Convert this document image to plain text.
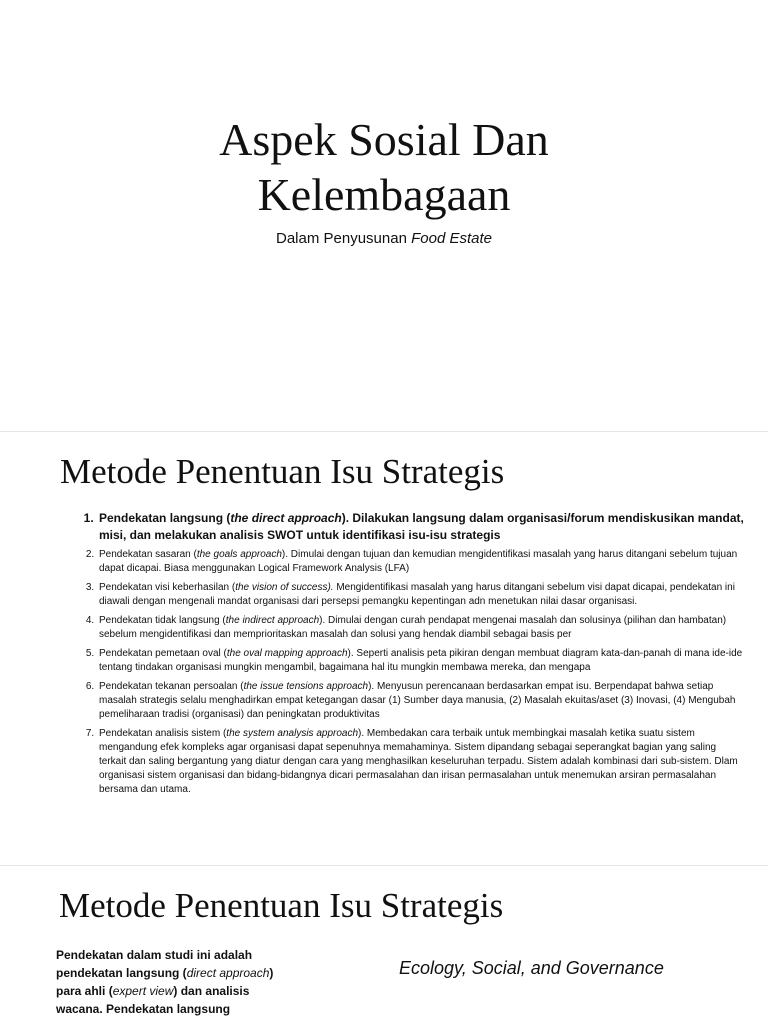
Aspek Sosial Dan
Kelembagaan

Dalam Penyusunan Food Estate

Metode Penentuan Isu Strategis
1. Pendekatan langsung (the direct approach). Dilakukan langsung dalam organisasi/forum mendiskusikan mandat, misi, dan melakukan analisis SWOT untuk identifikasi isu-isu strategis
2. Pendekatan sasaran (the goals approach). Dimulai dengan tujuan dan kemudian mengidentifikasi masalah yang harus ditangani sebelum tujuan dapat dicapai. Biasa menggunakan Logical Framework Analysis (LFA)
3. Pendekatan visi keberhasilan (the vision of success). Mengidentifikasi masalah yang harus ditangani sebelum visi dapat dicapai, pendekatan ini diawali dengan mengenali mandat organisasi dari persepsi pemangku kepentingan adn menetukan nilai dasar organisasi.
4. Pendekatan tidak langsung (the indirect approach). Dimulai dengan curah pendapat mengenai masalah dan solusinya (pilihan dan hambatan) sebelum mengidentifikasi dan memprioritaskan masalah dan solusi yang hendak diambil sebagai basis per
5. Pendekatan pemetaan oval (the oval mapping approach). Seperti analisis peta pikiran dengan membuat diagram kata-dan-panah di mana ide-ide tentang tindakan organisasi mungkin mengambil, bagaimana hal itu mungkin membawa mereka, dan mengapa
6. Pendekatan tekanan persoalan (the issue tensions approach). Menyusun perencanaan berdasarkan empat isu. Berpendapat bahwa setiap masalah strategis selalu menghadirkan empat ketegangan dasar (1) Sumber daya manusia, (2) Masalah ekuitas/aset (3) Inovasi, (4) Mengubah pemeliharaan tradisi (organisasi) dan peningkatan produktivitas
7. Pendekatan analisis sistem (the system analysis approach). Membedakan cara terbaik untuk membingkai masalah ketika suatu sistem mengandung efek kompleks agar organisasi dapat sepenuhnya memahaminya. Sistem dipandang sebagai seperangkat bagian yang saling terkait dan saling bergantung yang diatur dengan cara yang menghasilkan keseluruhan terpadu. Sistem adalah kombinasi dari sub-sistem. Dlam organisasi sistem organisasi dan bidang-bidangnya dicari permasalahan dan irisan permasalahan untuk menemukan arsiran permasalahan bersama dan utama.
Metode Penentuan Isu Strategis

Pendekatan dalam studi ini adalah pendekatan langsung (direct approach) para ahli (expert view) dan analisis wacana. Pendekatan langsung

Ecology, Social, and Governance
